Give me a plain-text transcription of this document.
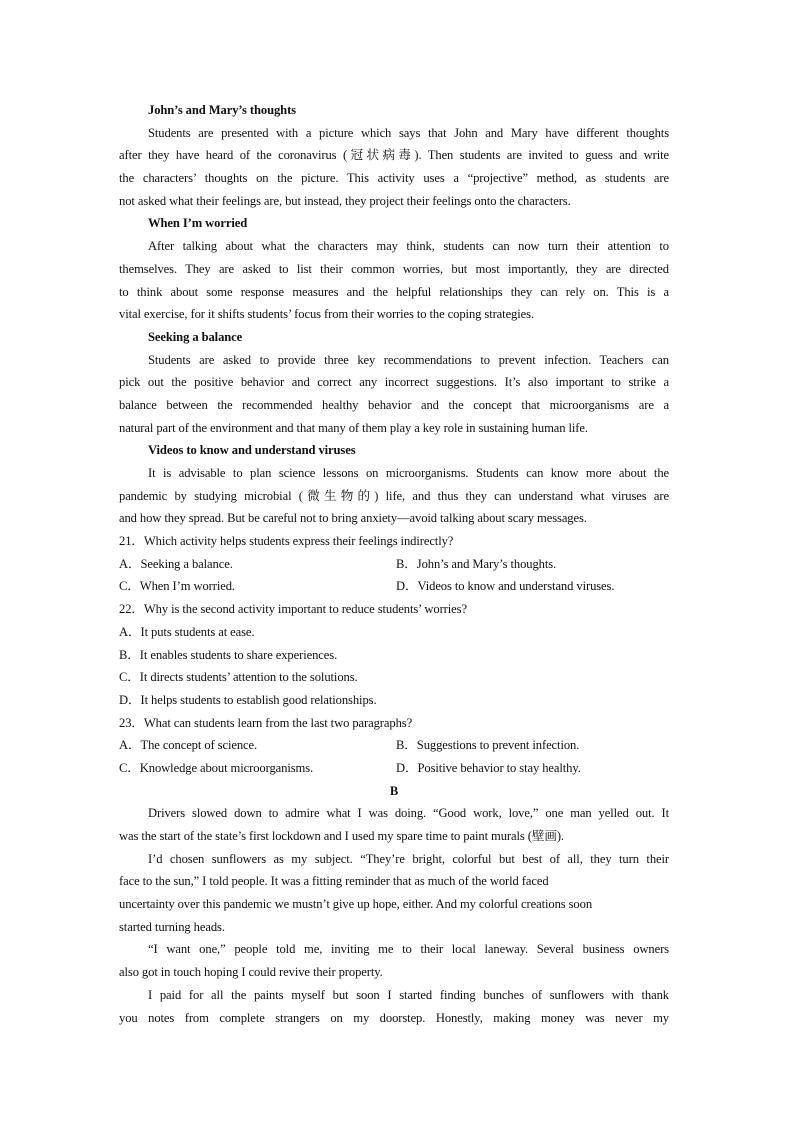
John’s and Mary’s thoughts
Students are presented with a picture which says that John and Mary have different thoughts
after they have heard of the coronavirus (冠状病毒). Then students are invited to guess and write
the characters’ thoughts on the picture. This activity uses a “projective” method, as students are
not asked what their feelings are, but instead, they project their feelings onto the characters.
When I’m worried
After talking about what the characters may think, students can now turn their attention to
themselves. They are asked to list their common worries, but most importantly, they are directed
to think about some response measures and the helpful relationships they can rely on. This is a
vital exercise, for it shifts students’ focus from their worries to the coping strategies.
Seeking a balance
Students are asked to provide three key recommendations to prevent infection. Teachers can
pick out the positive behavior and correct any incorrect suggestions. It’s also important to strike a
balance between the recommended healthy behavior and the concept that microorganisms are a
natural part of the environment and that many of them play a key role in sustaining human life.
Videos to know and understand viruses
It is advisable to plan science lessons on microorganisms. Students can know more about the
pandemic by studying microbial (微生物的) life, and thus they can understand what viruses are
and how they spread. But be careful not to bring anxiety—avoid talking about scary messages.
21．Which activity helps students express their feelings indirectly?
A．Seeking a balance.	B．John’s and Mary’s thoughts.
C．When I’m worried.	D．Videos to know and understand viruses.
22．Why is the second activity important to reduce students’ worries?
A．It puts students at ease.
B．It enables students to share experiences.
C．It directs students’ attention to the solutions.
D．It helps students to establish good relationships.
23．What can students learn from the last two paragraphs?
A．The concept of science.	B．Suggestions to prevent infection.
C．Knowledge about microorganisms.	D．Positive behavior to stay healthy.
B
Drivers slowed down to admire what I was doing. “Good work, love,” one man yelled out. It
was the start of the state’s first lockdown and I used my spare time to paint murals (壁画).
I’d chosen sunflowers as my subject. “They’re bright, colorful but best of all, they turn their
face to the sun,” I told people. It was a fitting reminder that as much of the world faced
uncertainty over this pandemic we mustn’t give up hope, either. And my colorful creations soon
started turning heads.
“I want one,” people told me, inviting me to their local laneway. Several business owners
also got in touch hoping I could revive their property.
I paid for all the paints myself but soon I started finding bunches of sunflowers with thank
you notes from complete strangers on my doorstep. Honestly, making money was never my
